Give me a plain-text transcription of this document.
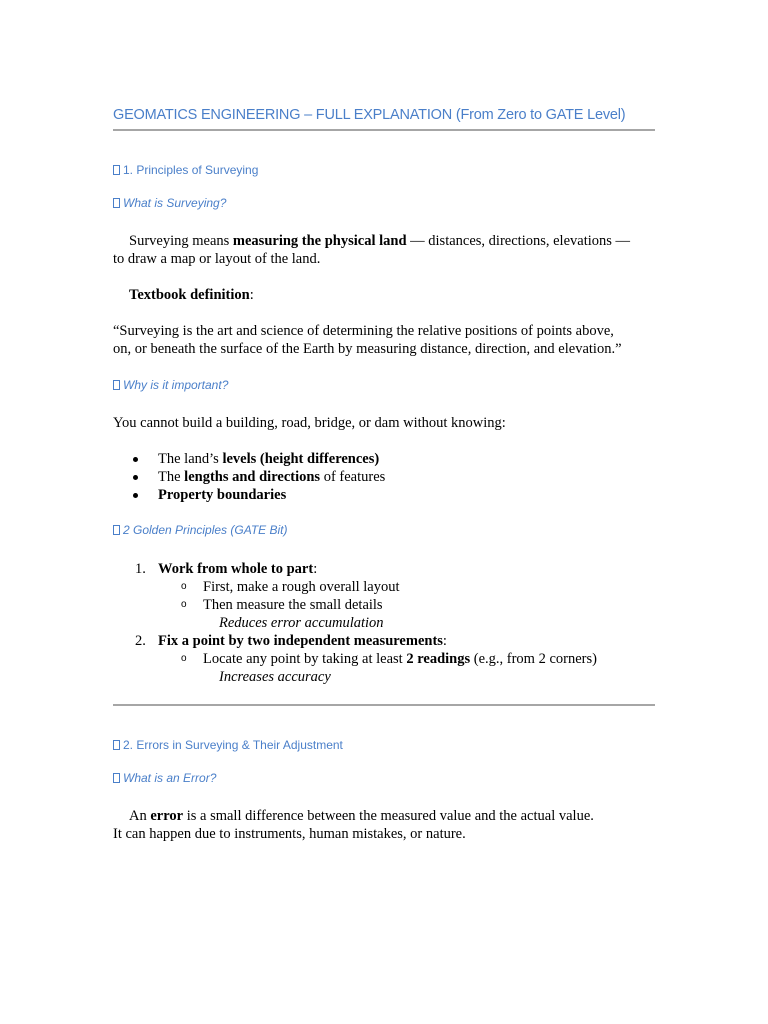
GEOMATICS ENGINEERING – FULL EXPLANATION (From Zero to GATE Level)
1. Principles of Surveying
What is Surveying?
Surveying means measuring the physical land — distances, directions, elevations —
to draw a map or layout of the land.
Textbook definition:
“Surveying is the art and science of determining the relative positions of points above,
on, or beneath the surface of the Earth by measuring distance, direction, and elevation.”
Why is it important?
You cannot build a building, road, bridge, or dam without knowing:
The land’s levels (height differences)
The lengths and directions of features
Property boundaries
2 Golden Principles (GATE Bit)
1. Work from whole to part:
o First, make a rough overall layout
o Then measure the small details
Reduces error accumulation
2. Fix a point by two independent measurements:
o Locate any point by taking at least 2 readings (e.g., from 2 corners)
Increases accuracy
2. Errors in Surveying & Their Adjustment
What is an Error?
An error is a small difference between the measured value and the actual value.
It can happen due to instruments, human mistakes, or nature.
